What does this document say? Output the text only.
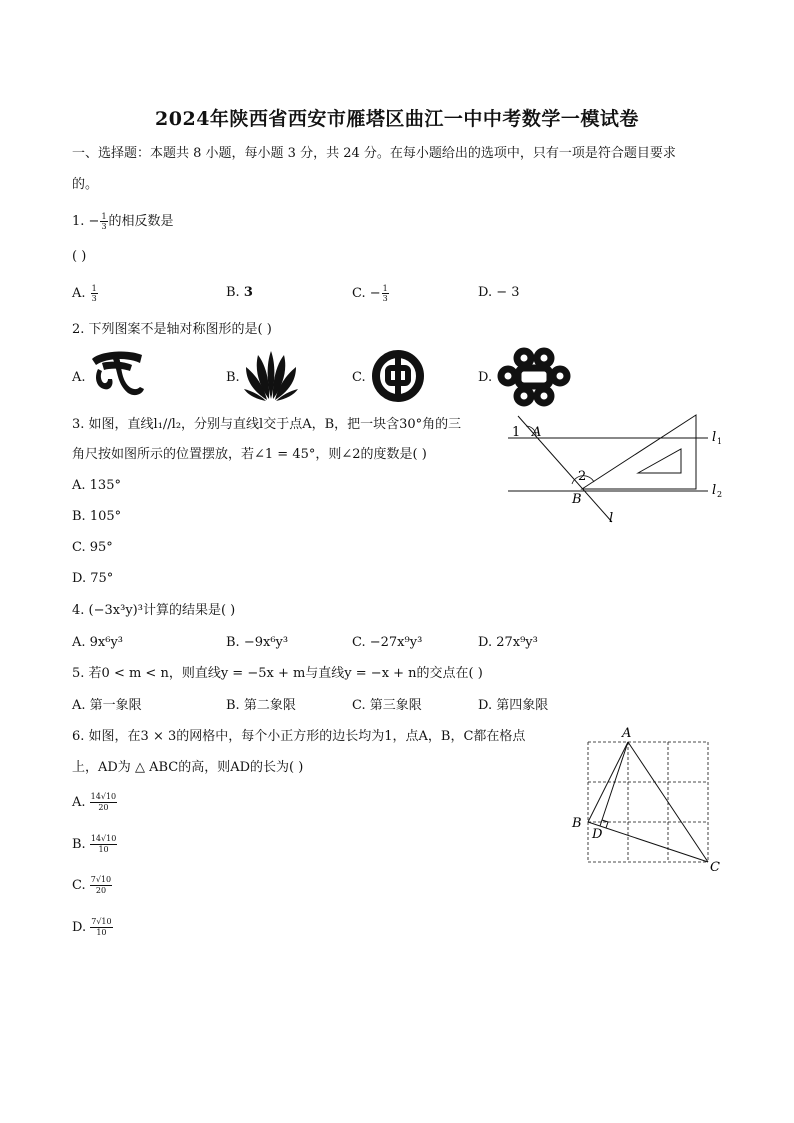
2024年陕西省西安市雁塔区曲江一中中考数学一模试卷
一、选择题：本题共 8 小题，每小题 3 分，共 24 分。在每小题给出的选项中，只有一项是符合题目要求
的。
1. − $\frac{1}{3}$ 的相反数是
( )
A. $\frac{1}{3}$	B. 3	C. − $\frac{1}{3}$	D. − 3
2. 下列图案不是轴对称图形的是( )
A.	B.	C.	D.
3. 如图，直线l₁//l₂，分别与直线l交于点A，B，把一块含30°角的三
角尺按如图所示的位置摆放，若∠1 = 45°，则∠2的度数是( )
A. 135°
B. 105°
C. 95°
D. 75°
1 A
2
B
l 1
l 2
l
4. (−3x³y)³计算的结果是( )
A. 9x⁶y³	B. −9x⁶y³	C. −27x⁹y³	D. 27x⁹y³
5. 若0 < m < n，则直线y = −5x + m与直线y = −x + n的交点在( )
A. 第一象限	B. 第二象限	C. 第三象限	D. 第四象限
6. 如图，在3 × 3的网格中，每个小正方形的边长均为1，点A，B，C都在格点
上，AD为 △ ABC的高，则AD的长为( )
A. $\frac{14√10}{20}$
B. $\frac{14√10}{10}$
C. $\frac{7√10}{20}$
D. $\frac{7√10}{10}$
A
B
D
C
